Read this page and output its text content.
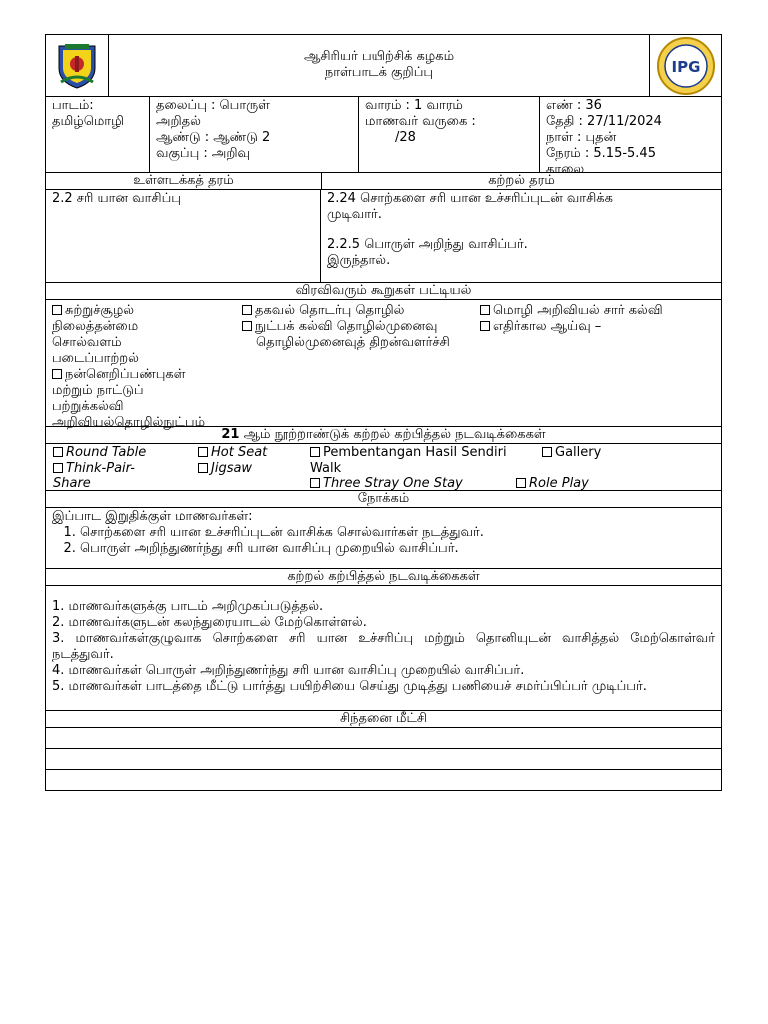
ஆசிரியர் பயிற்சிக் கழகம்
நாள்பாடக் குறிப்பு	IPG
பாடம்:
தமிழ்மொழி
தலைப்பு : பொருள்
அறிதல்
ஆண்டு : ஆண்டு 2
வகுப்பு : அறிவு
வாரம் : 1 வாரம்
மாணவர் வருகை :
/28
எண் : 36
தேதி : 27/11/2024
நாள் : புதன்
நேரம் : 5.15-5.45
காலை
உள்ளடக்கத் தரம்	கற்றல் தரம்
2.2 சரி யான வாசிப்பு	2.24 சொற்களை சரி யான உச்சரிப்புடன் வாசிக்க

முடிவார்.

2.2.5 பொருள் அறிந்து வாசிப்பர்.

இருந்தால்.

விரவிவரும் கூறுகள் பட்டியல்
சுற்றுச்சூழல்
நிலைத்தன்மை
சொல்வளம்
படைப்பாற்றல்
நன்னெறிப்பண்புகள்
மற்றும் நாட்டுப்
பற்றுக்கல்வி
அறிவியல்தொழில்நுட்பம்
தகவல் தொடர்பு தொழில்
நுட்பக் கல்வி தொழில்முனைவு
தொழில்முனைவுத் திறன்வளர்ச்சி
மொழி அறிவியல் சார் கல்வி
எதிர்கால ஆய்வு –
21 ஆம் நூற்றாண்டுக் கற்றல் கற்பித்தல் நடவடிக்கைகள்
Round Table	Hot Seat	Pembentangan Hasil Sendiri	Gallery
Walk
Think-Pair-
Share
Jigsaw
Three Stray One Stay	Role Play
நோக்கம்
இப்பாட இறுதிக்குள் மாணவர்கள்:
1. சொற்களை சரி யான உச்சரிப்புடன் வாசிக்க சொல்வார்கள் நடத்துவர்.
2. பொருள் அறிந்துணர்ந்து சரி யான வாசிப்பு முறையில் வாசிப்பர்.
கற்றல் கற்பித்தல் நடவடிக்கைகள்

1. மாணவர்களுக்கு பாடம் அறிமுகப்படுத்தல்.

2. மாணவர்களுடன் கலந்துரையாடல் மேற்கொள்ளல்.

3. மாணவர்கள்குழுவாக சொற்களை சரி யான உச்சரிப்பு மற்றும் தொனியுடன் வாசித்தல் மேற்கொள்வர் நடத்துவர்.

4. மாணவர்கள் பொருள் அறிந்துணர்ந்து சரி யான வாசிப்பு முறையில் வாசிப்பர்.

5. மாணவர்கள் பாடத்தை மீட்டு பார்த்து பயிற்சியை செய்து முடித்து பணியைச் சமர்ப்பிப்பர் முடிப்பர்.

சிந்தனை மீட்சி
